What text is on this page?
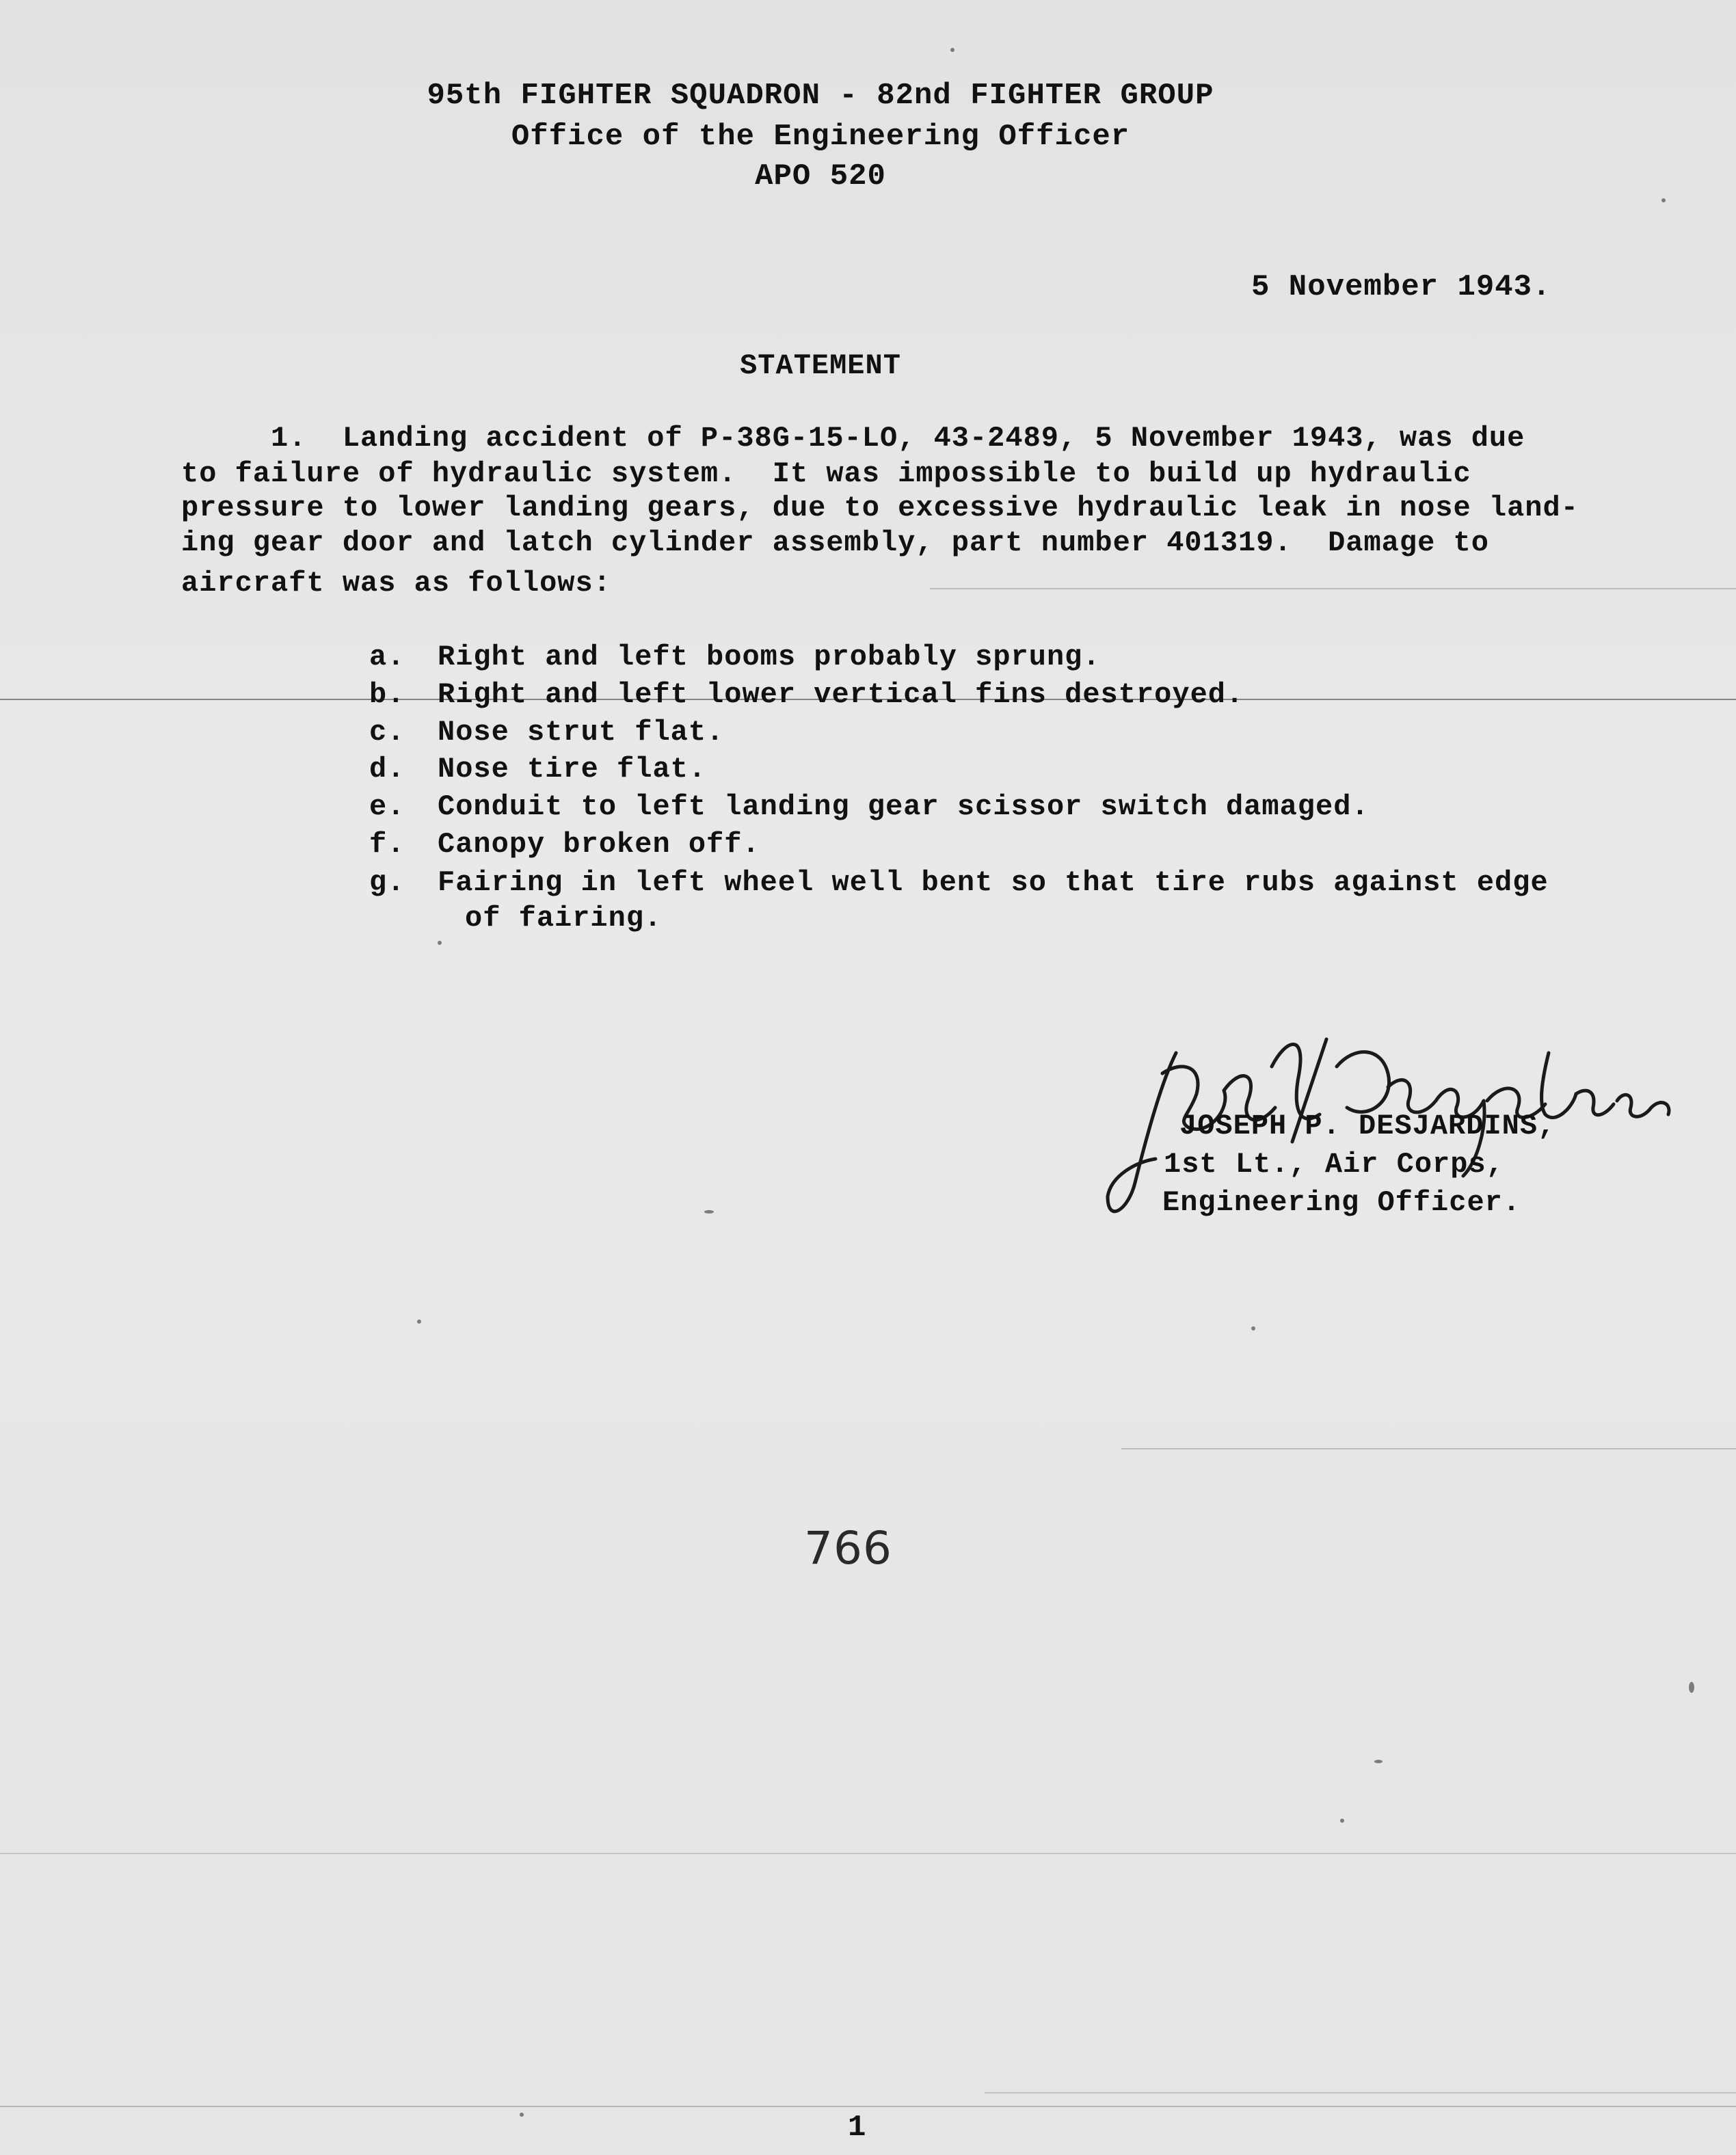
95th FIGHTER SQUADRON - 82nd FIGHTER GROUP
Office of the Engineering Officer
APO 520
5 November 1943.
STATEMENT
1.  Landing accident of P-38G-15-LO, 43-2489, 5 November 1943, was due
to failure of hydraulic system.  It was impossible to build up hydraulic
pressure to lower landing gears, due to excessive hydraulic leak in nose land-
ing gear door and latch cylinder assembly, part number 401319.  Damage to
aircraft was as follows:
a. Right and left booms probably sprung.
b. Right and left lower vertical fins destroyed.
c. Nose strut flat.
d. Nose tire flat.
e. Conduit to left landing gear scissor switch damaged.
f. Canopy broken off.
g. Fairing in left wheel well bent so that tire rubs against edge
of fairing.
JOSEPH P. DESJARDINS,
1st Lt., Air Corps,
Engineering Officer.
766
1
